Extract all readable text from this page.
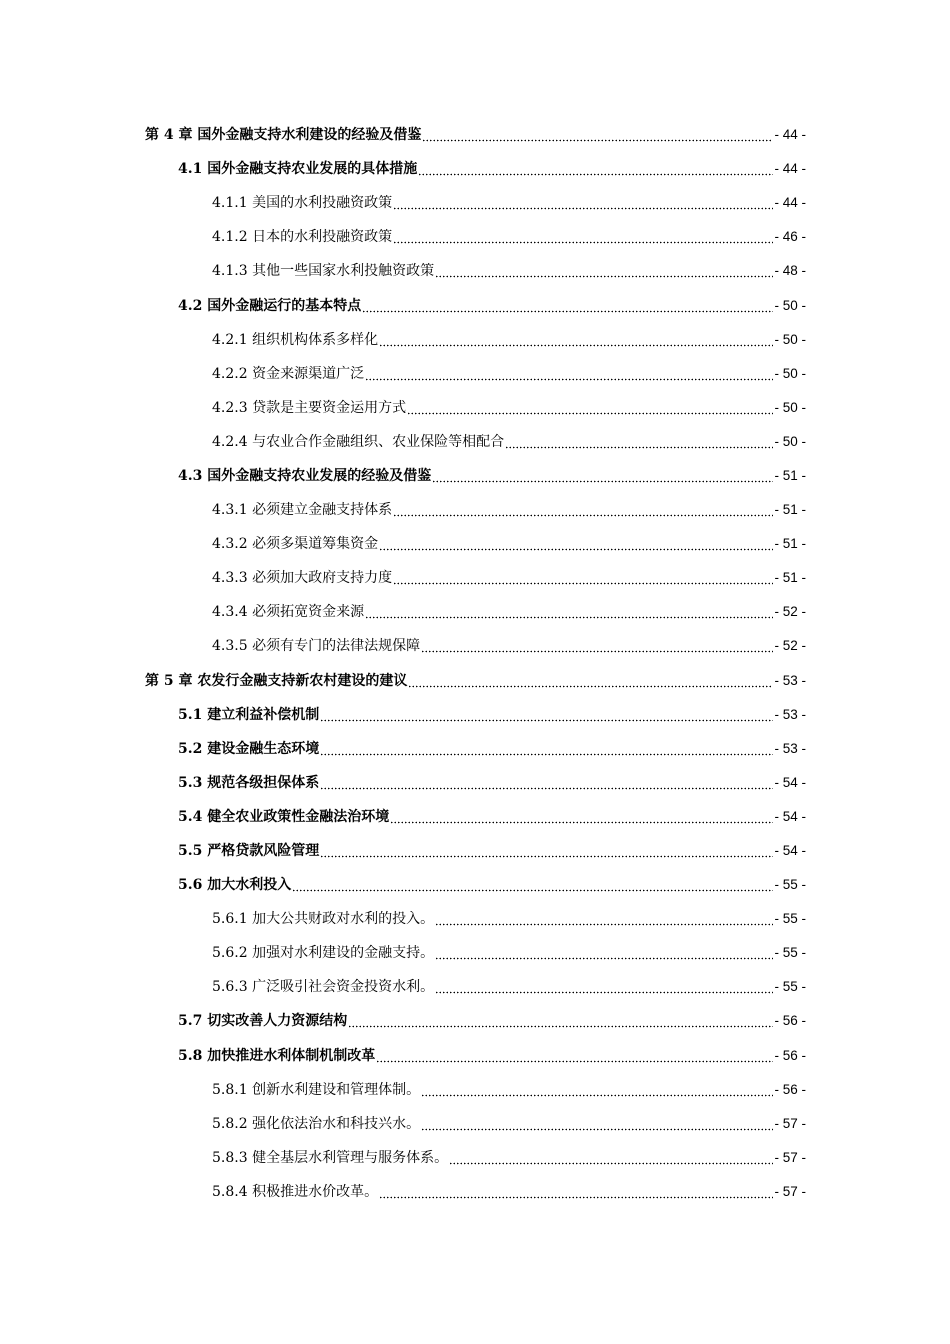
第 4 章 国外金融支持水利建设的经验及借鉴	- 44 -
4.1 国外金融支持农业发展的具体措施	- 44 -
4.1.1 美国的水利投融资政策	- 44 -
4.1.2 日本的水利投融资政策	- 46 -
4.1.3 其他一些国家水利投触资政策	- 48 -
4.2 国外金融运行的基本特点	- 50 -
4.2.1 组织机构体系多样化	- 50 -
4.2.2 资金来源渠道广泛	- 50 -
4.2.3 贷款是主要资金运用方式	- 50 -
4.2.4 与农业合作金融组织、农业保险等相配合	- 50 -
4.3 国外金融支持农业发展的经验及借鉴	- 51 -
4.3.1 必须建立金融支持体系	- 51 -
4.3.2 必须多渠道筹集资金	- 51 -
4.3.3 必须加大政府支持力度	- 51 -
4.3.4 必须拓宽资金来源	- 52 -
4.3.5 必须有专门的法律法规保障	- 52 -
第 5 章 农发行金融支持新农村建设的建议	- 53 -
5.1 建立利益补偿机制	- 53 -
5.2 建设金融生态环境	- 53 -
5.3 规范各级担保体系	- 54 -
5.4 健全农业政策性金融法治环境	- 54 -
5.5 严格贷款风险管理	- 54 -
5.6 加大水利投入	- 55 -
5.6.1 加大公共财政对水利的投入。	- 55 -
5.6.2 加强对水利建设的金融支持。	- 55 -
5.6.3 广泛吸引社会资金投资水利。	- 55 -
5.7 切实改善人力资源结构	- 56 -
5.8 加快推进水利体制机制改革	- 56 -
5.8.1 创新水利建设和管理体制。	- 56 -
5.8.2 强化依法治水和科技兴水。	- 57 -
5.8.3 健全基层水利管理与服务体系。	- 57 -
5.8.4 积极推进水价改革。	- 57 -
